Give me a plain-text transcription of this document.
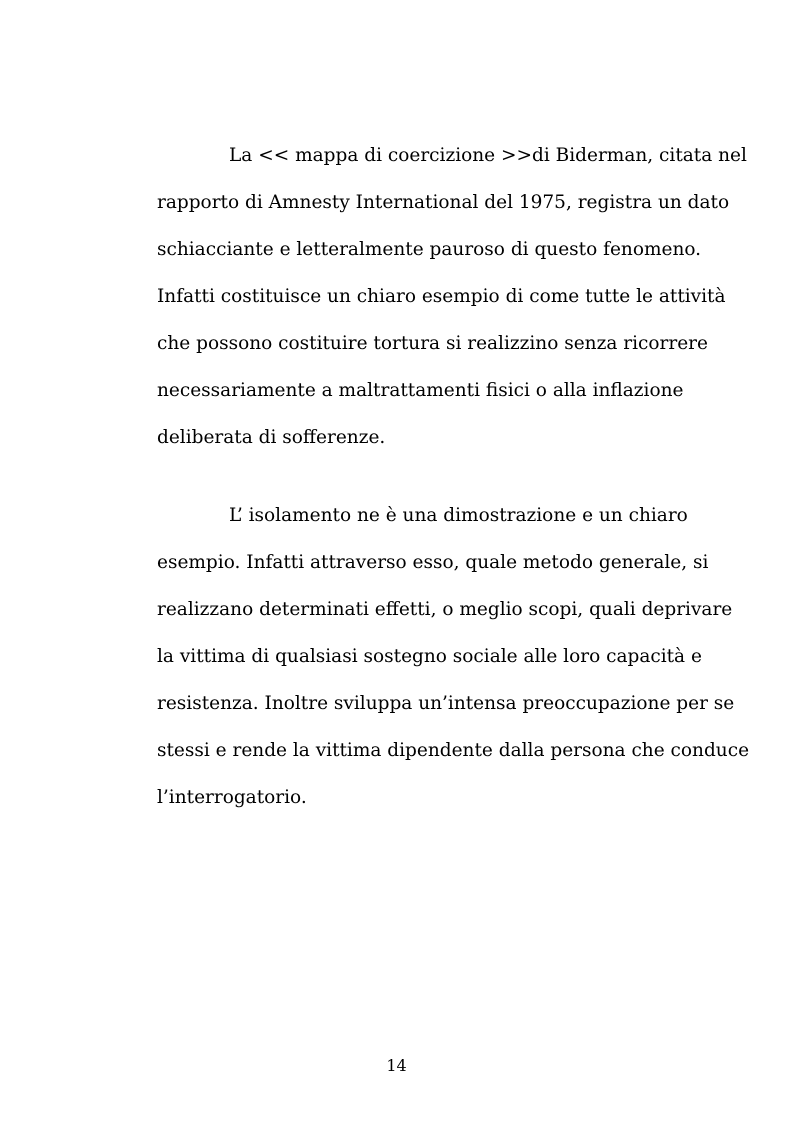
La << mappa di coercizione >>di Biderman, citata nel
rapporto di Amnesty International del 1975, registra un dato
schiacciante e letteralmente pauroso di questo fenomeno.
Infatti costituisce un chiaro esempio di come tutte le attività
che possono costituire tortura si realizzino senza ricorrere
necessariamente a maltrattamenti fisici o alla inflazione
deliberata di sofferenze.
L’ isolamento ne è una dimostrazione e un chiaro
esempio. Infatti attraverso esso, quale metodo generale, si
realizzano determinati effetti, o meglio scopi, quali deprivare
la vittima di qualsiasi sostegno sociale alle loro capacità e
resistenza. Inoltre sviluppa un’intensa preoccupazione per se
stessi e rende la vittima dipendente dalla persona che conduce
l’interrogatorio.
14
